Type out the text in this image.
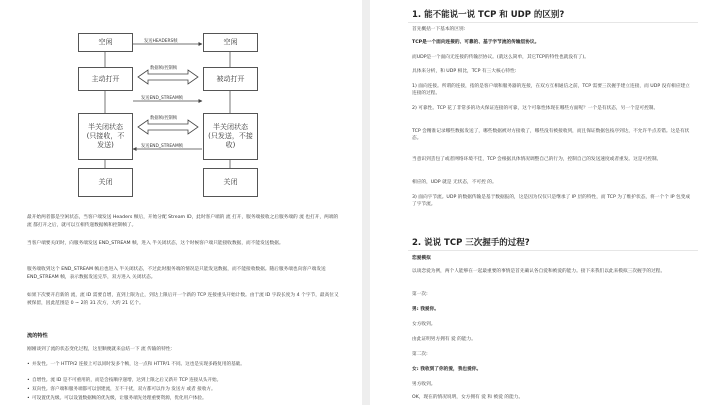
空闲
主动打开
半关闭状态
(只接收，不
发送)
关闭
空闲
被动打开
半关闭状态
(只发送，不接
收)
关闭
发送HEADERS帧
数据帧/控制帧
发送END_STREAM帧
数据帧/控制帧
发送END_STREAM帧
最开始两者都是空闲状态，当客户端发送 Headers 帧后，开始分配 Stream ID，此时客户端的 流 打开，服务端接收之后服务端的 流 也打开，两端的 流 都打开之后，就可以互相传递数据帧和控制帧了。
当客户端要关闭时，向服务端发送 END_STREAM 帧，进入 半关闭状态，这个时候客户端只能接收数据，而不能发送数据。
服务端收到这个 END_STREAM 帧后也进入 半关闭状态，不过此时服务端的情况是只能发送数据，而不能接收数据。随后服务端也向客户端发送 END_STREAM 帧，表示数据发送完毕，双方进入 关闭状态。
如果下次要开启新的 流，流 ID 需要自增，直到上限为止，到达上限后开一个新的 TCP 连接重头开始计数。由于流 ID 字段长度为 4 个字节，最高位又被保留，因此范围是 0 ~ 2的 31 次方，大约 21 亿个。
流的特性
刚刚谈到了流的状态变化过程，这里顺便就来总结一下 流 传输的特性：
• 并发性。一个 HTTP/2 连接上可以同时发多个帧，这一点和 HTTP/1 不同。这也是实现多路复用的基础。
• 自增性。流 ID 是不可重用的，而是会按顺序递增，达到上限之后又新开 TCP 连接从头开始。
• 双向性。客户端和服务端都可以创建流，互不干扰，双方都可以作为 发送方 或者 接收方。
• 可设置优先级。可以设置数据帧的优先级，让服务端先处理重要资源，优化用户体验。
1. 能不能说一说 TCP 和 UDP 的区别?
首先概括一下基本的区别:
TCP是一个面向连接的、可靠的、基于字节流的传输层协议。
而UDP是一个面向无连接的传输层协议。(就这么简单，其它TCP的特性也就没有了)。
具体来分析，和 UDP 相比，TCP 有三大核心特性:
1) 面向连接。所谓的连接，指的是客户端和服务器的连接，在双方互相通信之前，TCP 需要三次握手建立连接，而 UDP 没有相应建立连接的过程。
2) 可靠性。TCP 花了非常多的功夫保证连接的可靠，这个可靠性体现在哪些方面呢？一个是有状态，另一个是可控制。
TCP 会精准记录哪些数据发送了，哪些数据被对方接收了，哪些没有被接收到，而且保证数据包按序到达，不允许半点差错。这是有状态。
当意识到丢包了或者网络环境不佳，TCP 会根据具体情况调整自己的行为，控制自己的发送速度或者重发。这是可控制。
相应的，UDP 就是 无状态，不可控 的。
3) 面向字节流。UDP 的数据传输是基于数据报的，这是因为仅仅只是继承了 IP 层的特性，而 TCP 为了维护状态，将一个个 IP 包变成了字节流。
2. 说说 TCP 三次握手的过程?
恋爱模拟
以谈恋爱为例，两个人能够在一起最重要的事情是首先确认各自爱和被爱的能力。接下来我们以此来模拟三次握手的过程。
第一次:
男: 我爱你。
女方收到。
由此证明男方拥有 爱 的能力。
第二次:
女: 我收到了你的爱，我也爱你。
男方收到。
OK，现在的情况说明，女方拥有 爱 和 被爱 的能力。
